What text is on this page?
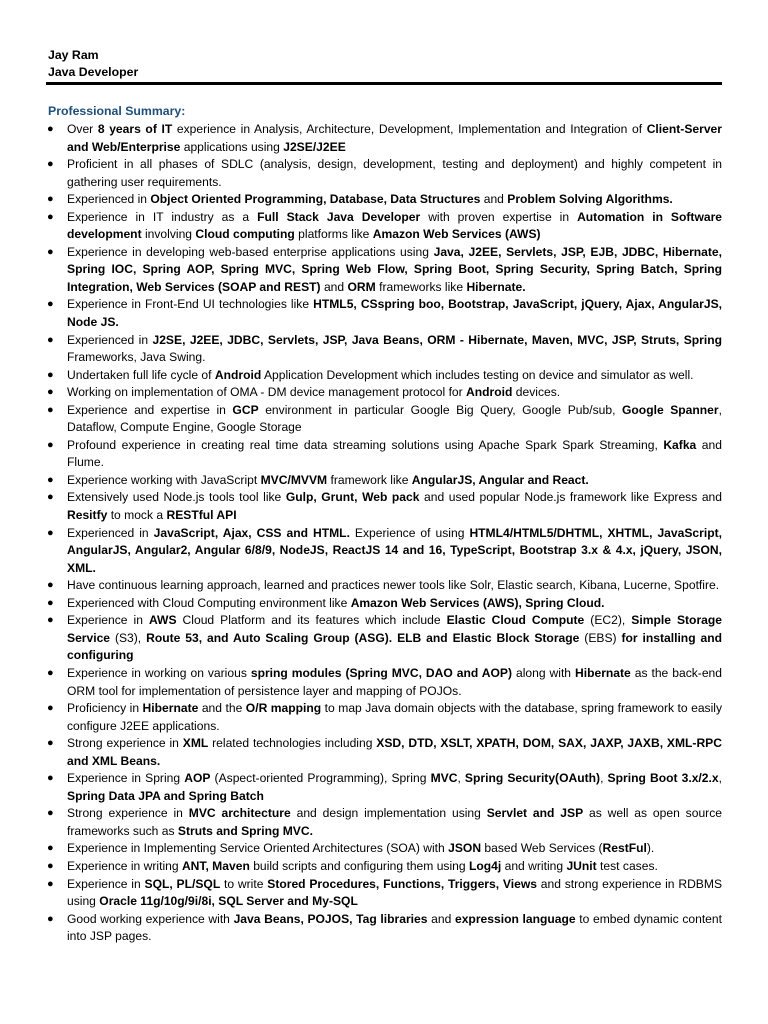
Jay Ram
Java Developer
Professional Summary:
● Over 8 years of IT experience in Analysis, Architecture, Development, Implementation and Integration of Client-Server and Web/Enterprise applications using J2SE/J2EE
● Proficient in all phases of SDLC (analysis, design, development, testing and deployment) and highly competent in gathering user requirements.
● Experienced in Object Oriented Programming, Database, Data Structures and Problem Solving Algorithms.
● Experience in IT industry as a Full Stack Java Developer with proven expertise in Automation in Software development involving Cloud computing platforms like Amazon Web Services (AWS)
● Experience in developing web-based enterprise applications using Java, J2EE, Servlets, JSP, EJB, JDBC, Hibernate, Spring IOC, Spring AOP, Spring MVC, Spring Web Flow, Spring Boot, Spring Security, Spring Batch, Spring Integration, Web Services (SOAP and REST) and ORM frameworks like Hibernate.
● Experience in Front-End UI technologies like HTML5, CSspring boo, Bootstrap, JavaScript, jQuery, Ajax, AngularJS, Node JS.
● Experienced in J2SE, J2EE, JDBC, Servlets, JSP, Java Beans, ORM - Hibernate, Maven, MVC, JSP, Struts, Spring Frameworks, Java Swing.
● Undertaken full life cycle of Android Application Development which includes testing on device and simulator as well.
● Working on implementation of OMA - DM device management protocol for Android devices.
● Experience and expertise in GCP environment in particular Google Big Query, Google Pub/sub, Google Spanner, Dataflow, Compute Engine, Google Storage
● Profound experience in creating real time data streaming solutions using Apache Spark Spark Streaming, Kafka and Flume.
● Experience working with JavaScript MVC/MVVM framework like AngularJS, Angular and React.
● Extensively used Node.js tools tool like Gulp, Grunt, Web pack and used popular Node.js framework like Express and Resitfy to mock a RESTful API
● Experienced in JavaScript, Ajax, CSS and HTML. Experience of using HTML4/HTML5/DHTML, XHTML, JavaScript, AngularJS, Angular2, Angular 6/8/9, NodeJS, ReactJS 14 and 16, TypeScript, Bootstrap 3.x & 4.x, jQuery, JSON, XML.
● Have continuous learning approach, learned and practices newer tools like Solr, Elastic search, Kibana, Lucerne, Spotfire.
● Experienced with Cloud Computing environment like Amazon Web Services (AWS), Spring Cloud.
● Experience in AWS Cloud Platform and its features which include Elastic Cloud Compute (EC2), Simple Storage Service (S3), Route 53, and Auto Scaling Group (ASG). ELB and Elastic Block Storage (EBS) for installing and configuring
● Experience in working on various spring modules (Spring MVC, DAO and AOP) along with Hibernate as the back-end ORM tool for implementation of persistence layer and mapping of POJOs.
● Proficiency in Hibernate and the O/R mapping to map Java domain objects with the database, spring framework to easily configure J2EE applications.
● Strong experience in XML related technologies including XSD, DTD, XSLT, XPATH, DOM, SAX, JAXP, JAXB, XML-RPC and XML Beans.
● Experience in Spring AOP (Aspect-oriented Programming), Spring MVC, Spring Security(OAuth), Spring Boot 3.x/2.x, Spring Data JPA and Spring Batch
● Strong experience in MVC architecture and design implementation using Servlet and JSP as well as open source frameworks such as Struts and Spring MVC.
● Experience in Implementing Service Oriented Architectures (SOA) with JSON based Web Services (RestFul).
● Experience in writing ANT, Maven build scripts and configuring them using Log4j and writing JUnit test cases.
● Experience in SQL, PL/SQL to write Stored Procedures, Functions, Triggers, Views and strong experience in RDBMS using Oracle 11g/10g/9i/8i, SQL Server and My-SQL
● Good working experience with Java Beans, POJOS, Tag libraries and expression language to embed dynamic content into JSP pages.
